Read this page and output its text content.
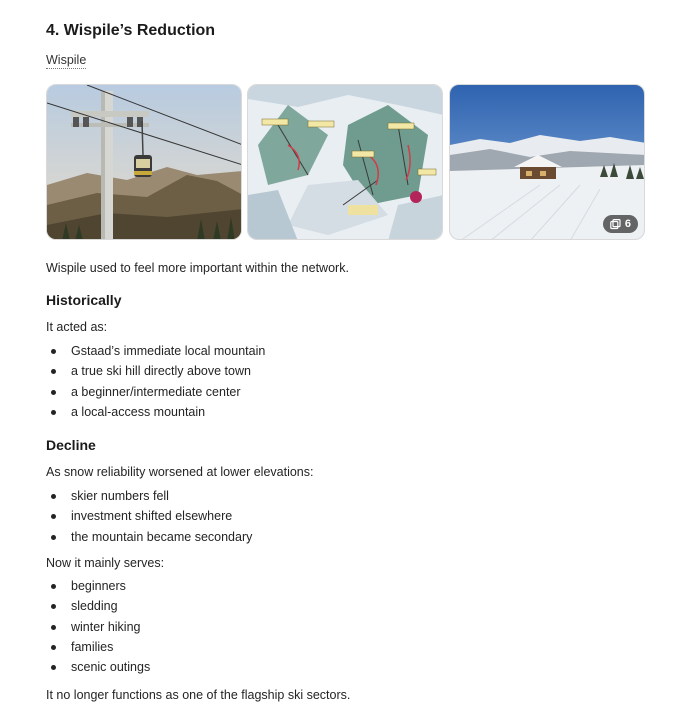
4. Wispile’s Reduction
Wispile
6

Wispile used to feel more important within the network.

Historically

It acted as:

Gstaad’s immediate local mountain
a true ski hill directly above town
a beginner/intermediate center
a local-access mountain
Decline

As snow reliability worsened at lower elevations:

skier numbers fell
investment shifted elsewhere
the mountain became secondary

Now it mainly serves:

beginners
sledding
winter hiking
families
scenic outings

It no longer functions as one of the flagship ski sectors.
